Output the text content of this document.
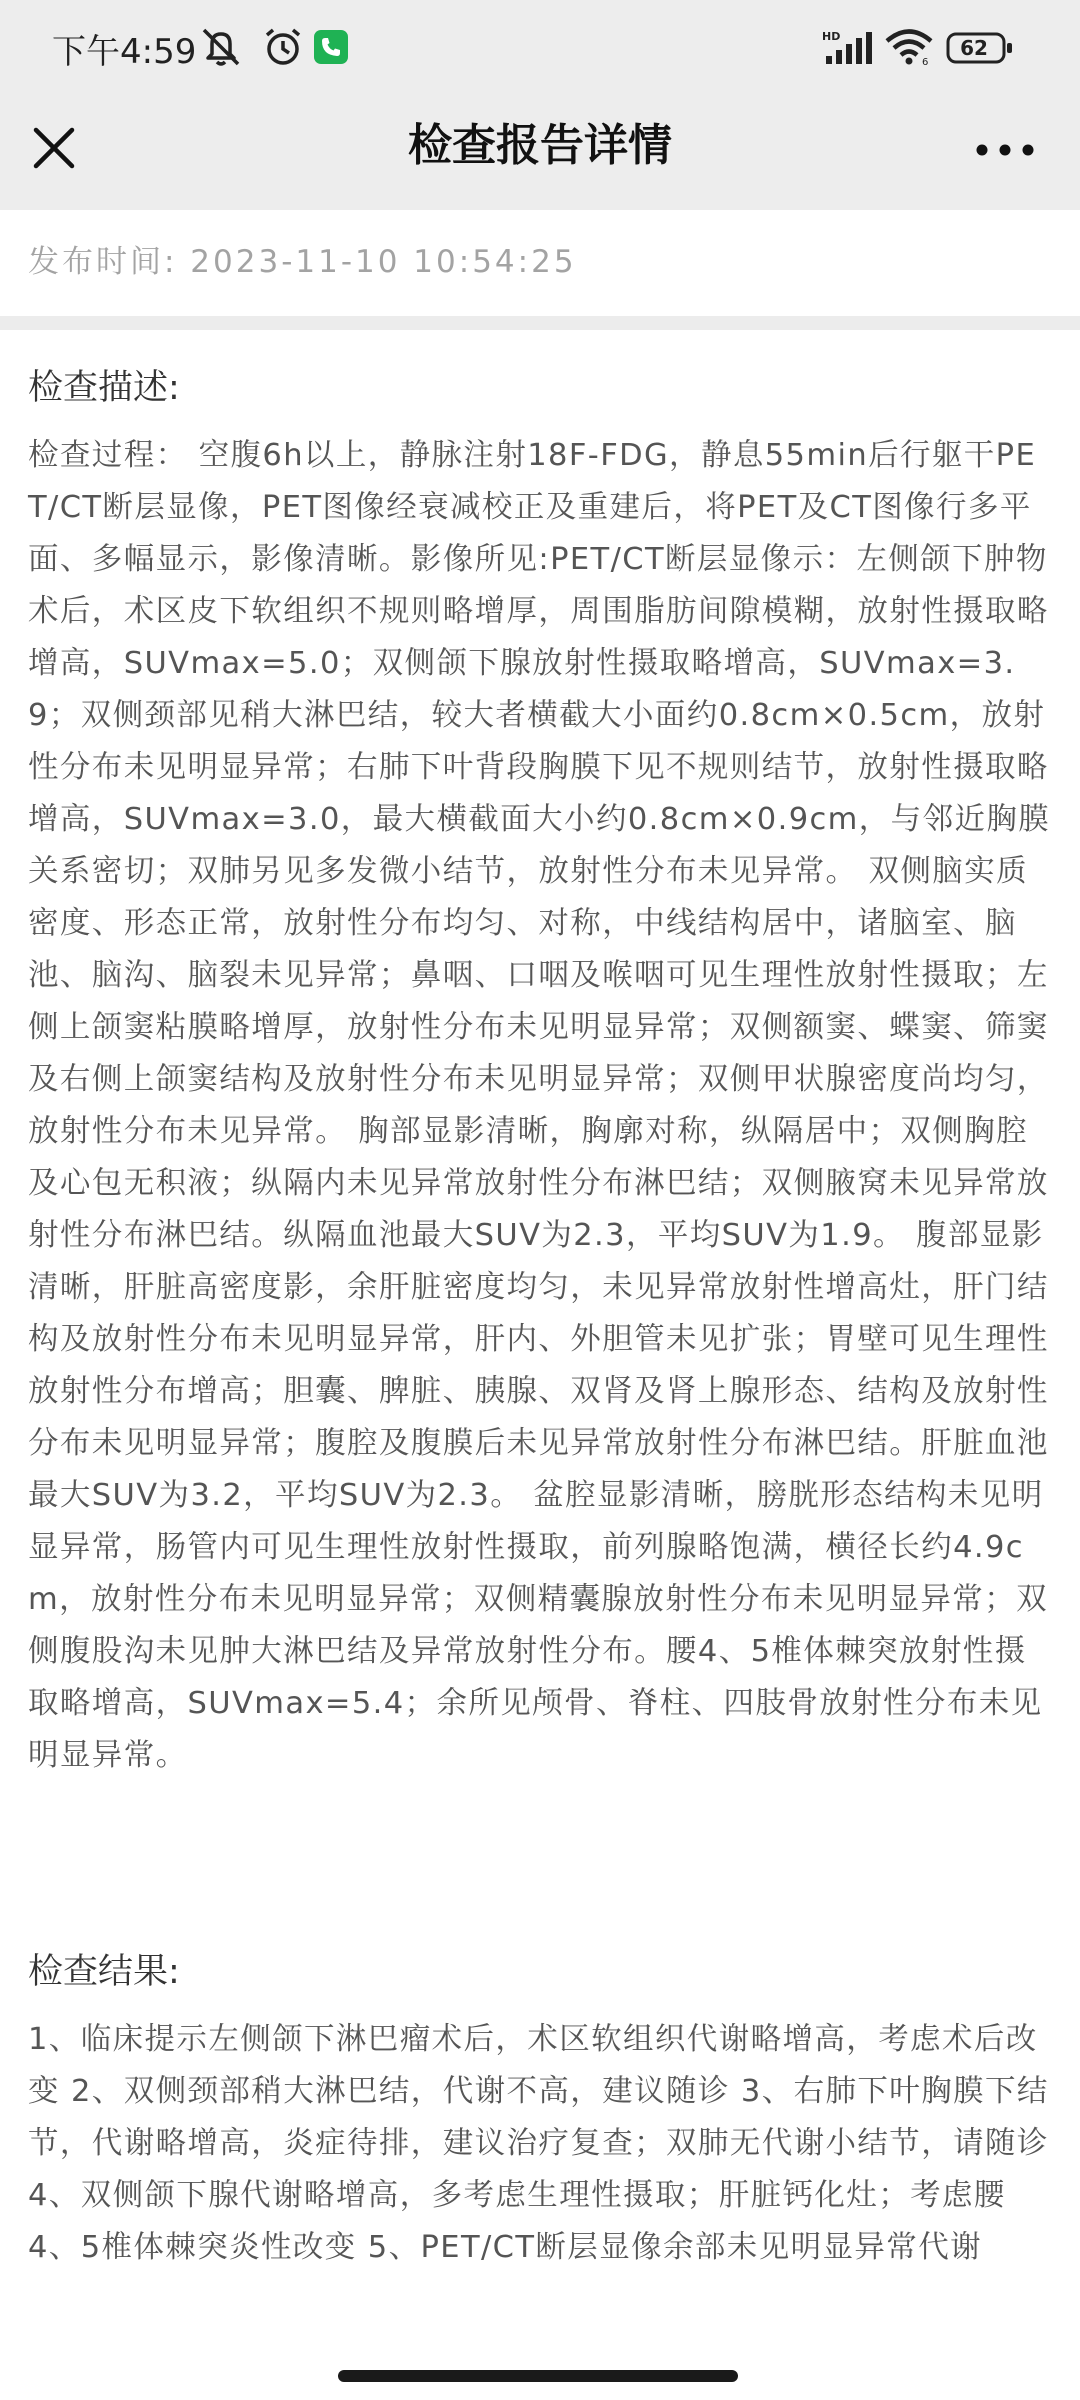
下午4:59	HD
6
62
检查报告详情
发布时间: 2023-11-10 10:54:25
检查描述:

检查过程： 空腹6h以上，静脉注射18F-FDG，静息55min后行躯干PET/CT断层显像，PET图像经衰减校正及重建后，将PET及CT图像行多平面、多幅显示，影像清晰。影像所见:PET/CT断层显像示：左侧颌下肿物术后，术区皮下软组织不规则略增厚，周围脂肪间隙模糊，放射性摄取略增高，SUVmax=5.0；双侧颌下腺放射性摄取略增高，SUVmax=3.9；双侧颈部见稍大淋巴结，较大者横截大小面约0.8cm×0.5cm，放射性分布未见明显异常；右肺下叶背段胸膜下见不规则结节，放射性摄取略增高，SUVmax=3.0，最大横截面大小约0.8cm×0.9cm，与邻近胸膜关系密切；双肺另见多发微小结节，放射性分布未见异常。 双侧脑实质密度、形态正常，放射性分布均匀、对称，中线结构居中，诸脑室、脑池、脑沟、脑裂未见异常；鼻咽、口咽及喉咽可见生理性放射性摄取；左侧上颌窦粘膜略增厚，放射性分布未见明显异常；双侧额窦、蝶窦、筛窦及右侧上颌窦结构及放射性分布未见明显异常；双侧甲状腺密度尚均匀，放射性分布未见异常。 胸部显影清晰，胸廓对称，纵隔居中；双侧胸腔及心包无积液；纵隔内未见异常放射性分布淋巴结；双侧腋窝未见异常放射性分布淋巴结。纵隔血池最大SUV为2.3，平均SUV为1.9。 腹部显影清晰，肝脏高密度影，余肝脏密度均匀，未见异常放射性增高灶，肝门结构及放射性分布未见明显异常，肝内、外胆管未见扩张；胃壁可见生理性放射性分布增高；胆囊、脾脏、胰腺、双肾及肾上腺形态、结构及放射性分布未见明显异常；腹腔及腹膜后未见异常放射性分布淋巴结。肝脏血池最大SUV为3.2，平均SUV为2.3。 盆腔显影清晰，膀胱形态结构未见明显异常，肠管内可见生理性放射性摄取，前列腺略饱满，横径长约4.9cm，放射性分布未见明显异常；双侧精囊腺放射性分布未见明显异常；双侧腹股沟未见肿大淋巴结及异常放射性分布。腰4、5椎体棘突放射性摄取略增高，SUVmax=5.4；余所见颅骨、脊柱、四肢骨放射性分布未见明显异常。

检查结果:

1、临床提示左侧颌下淋巴瘤术后，术区软组织代谢略增高，考虑术后改变 2、双侧颈部稍大淋巴结，代谢不高，建议随诊 3、右肺下叶胸膜下结节，代谢略增高，炎症待排，建议治疗复查；双肺无代谢小结节，请随诊 4、双侧颌下腺代谢略增高，多考虑生理性摄取；肝脏钙化灶；考虑腰4、5椎体棘突炎性改变 5、PET/CT断层显像余部未见明显异常代谢
